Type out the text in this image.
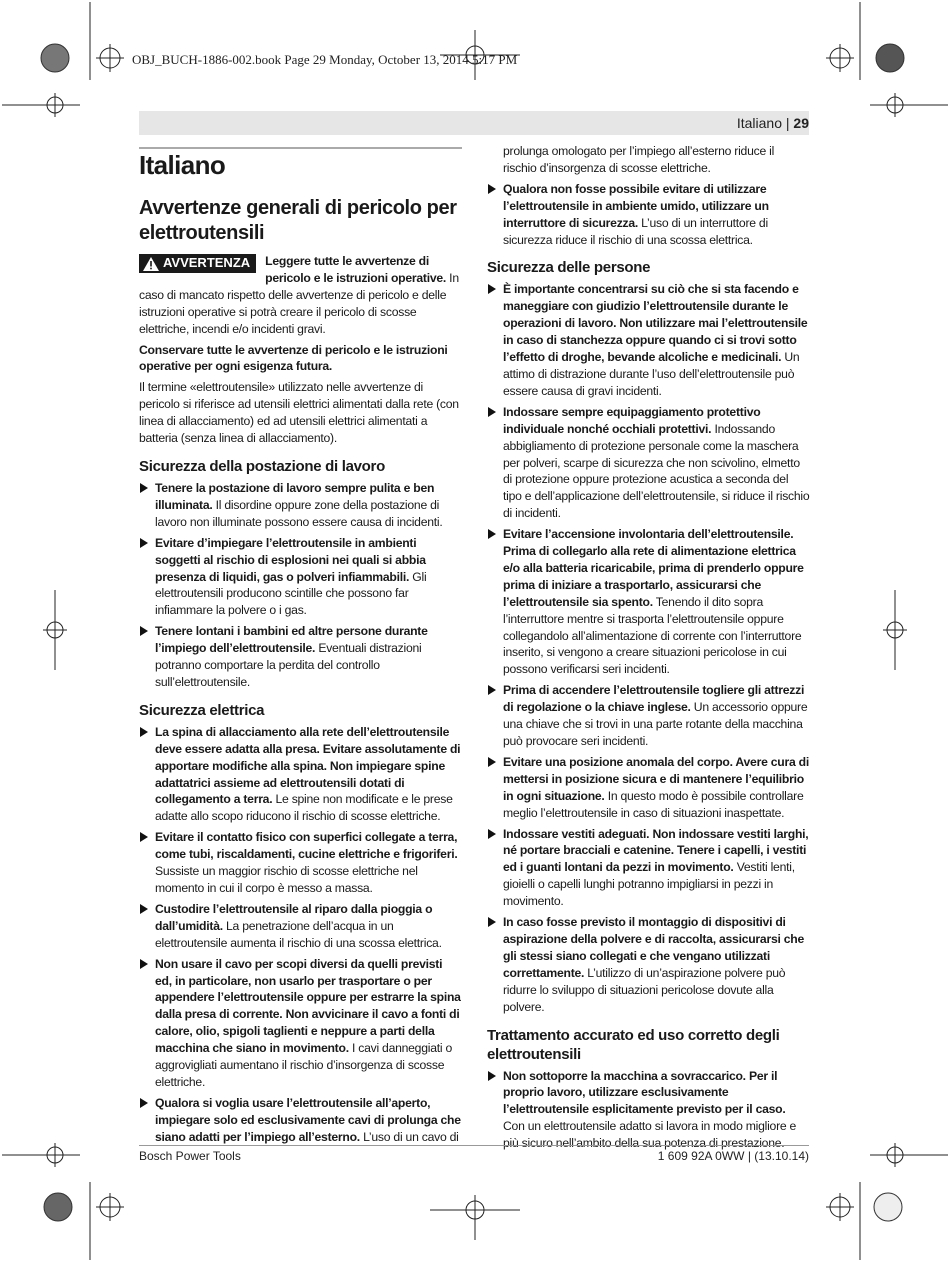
OBJ_BUCH-1886-002.book Page 29 Monday, October 13, 2014 5:17 PM
Italiano | 29
Italiano
Avvertenze generali di pericolo per elettroutensili

AVVERTENZA Leggere tutte le avvertenze di pericolo e le istruzioni operative. In caso di mancato rispetto delle avvertenze di pericolo e delle istruzioni operative si potrà creare il pericolo di scosse elettriche, incendi e/o incidenti gravi.

Conservare tutte le avvertenze di pericolo e le istruzioni operative per ogni esigenza futura.

Il termine «elettroutensile» utilizzato nelle avvertenze di pericolo si riferisce ad utensili elettrici alimentati dalla rete (con linea di allacciamento) ed ad utensili elettrici alimentati a batteria (senza linea di allacciamento).

Sicurezza della postazione di lavoro
Tenere la postazione di lavoro sempre pulita e ben illuminata. Il disordine oppure zone della postazione di lavoro non illuminate possono essere causa di incidenti.
Evitare d’impiegare l’elettroutensile in ambienti soggetti al rischio di esplosioni nei quali si abbia presenza di liquidi, gas o polveri infiammabili. Gli elettroutensili producono scintille che possono far infiammare la polvere o i gas.
Tenere lontani i bambini ed altre persone durante l’impiego dell’elettroutensile. Eventuali distrazioni potranno comportare la perdita del controllo sull’elettroutensile.
Sicurezza elettrica
La spina di allacciamento alla rete dell’elettroutensile deve essere adatta alla presa. Evitare assolutamente di apportare modifiche alla spina. Non impiegare spine adattatrici assieme ad elettroutensili dotati di collegamento a terra. Le spine non modificate e le prese adatte allo scopo riducono il rischio di scosse elettriche.
Evitare il contatto fisico con superfici collegate a terra, come tubi, riscaldamenti, cucine elettriche e frigoriferi. Sussiste un maggior rischio di scosse elettriche nel momento in cui il corpo è messo a massa.
Custodire l’elettroutensile al riparo dalla pioggia o dall’umidità. La penetrazione dell’acqua in un elettroutensile aumenta il rischio di una scossa elettrica.
Non usare il cavo per scopi diversi da quelli previsti ed, in particolare, non usarlo per trasportare o per appendere l’elettroutensile oppure per estrarre la spina dalla presa di corrente. Non avvicinare il cavo a fonti di calore, olio, spigoli taglienti e neppure a parti della macchina che siano in movimento. I cavi danneggiati o aggrovigliati aumentano il rischio d’insorgenza di scosse elettriche.
Qualora si voglia usare l’elettroutensile all’aperto, impiegare solo ed esclusivamente cavi di prolunga che siano adatti per l’impiego all’esterno. L’uso di un cavo di

prolunga omologato per l’impiego all’esterno riduce il rischio d’insorgenza di scosse elettriche.

Qualora non fosse possibile evitare di utilizzare l’elettroutensile in ambiente umido, utilizzare un interruttore di sicurezza. L’uso di un interruttore di sicurezza riduce il rischio di una scossa elettrica.
Sicurezza delle persone
È importante concentrarsi su ciò che si sta facendo e maneggiare con giudizio l’elettroutensile durante le operazioni di lavoro. Non utilizzare mai l’elettroutensile in caso di stanchezza oppure quando ci si trovi sotto l’effetto di droghe, bevande alcoliche e medicinali. Un attimo di distrazione durante l’uso dell’elettroutensile può essere causa di gravi incidenti.
Indossare sempre equipaggiamento protettivo individuale nonché occhiali protettivi. Indossando abbigliamento di protezione personale come la maschera per polveri, scarpe di sicurezza che non scivolino, elmetto di protezione oppure protezione acustica a seconda del tipo e dell’applicazione dell’elettroutensile, si riduce il rischio di incidenti.
Evitare l’accensione involontaria dell’elettroutensile. Prima di collegarlo alla rete di alimentazione elettrica e/o alla batteria ricaricabile, prima di prenderlo oppure prima di iniziare a trasportarlo, assicurarsi che l’elettroutensile sia spento. Tenendo il dito sopra l’interruttore mentre si trasporta l’elettroutensile oppure collegandolo all’alimentazione di corrente con l’interruttore inserito, si vengono a creare situazioni pericolose in cui possono verificarsi seri incidenti.
Prima di accendere l’elettroutensile togliere gli attrezzi di regolazione o la chiave inglese. Un accessorio oppure una chiave che si trovi in una parte rotante della macchina può provocare seri incidenti.
Evitare una posizione anomala del corpo. Avere cura di mettersi in posizione sicura e di mantenere l’equilibrio in ogni situazione. In questo modo è possibile controllare meglio l’elettroutensile in caso di situazioni inaspettate.
Indossare vestiti adeguati. Non indossare vestiti larghi, né portare bracciali e catenine. Tenere i capelli, i vestiti ed i guanti lontani da pezzi in movimento. Vestiti lenti, gioielli o capelli lunghi potranno impigliarsi in pezzi in movimento.
In caso fosse previsto il montaggio di dispositivi di aspirazione della polvere e di raccolta, assicurarsi che gli stessi siano collegati e che vengano utilizzati correttamente. L’utilizzo di un’aspirazione polvere può ridurre lo sviluppo di situazioni pericolose dovute alla polvere.
Trattamento accurato ed uso corretto degli elettroutensili
Non sottoporre la macchina a sovraccarico. Per il proprio lavoro, utilizzare esclusivamente l’elettroutensile esplicitamente previsto per il caso. Con un elettroutensile adatto si lavora in modo migliore e più sicuro nell’ambito della sua potenza di prestazione.
Bosch Power Tools	1 609 92A 0WW | (13.10.14)
